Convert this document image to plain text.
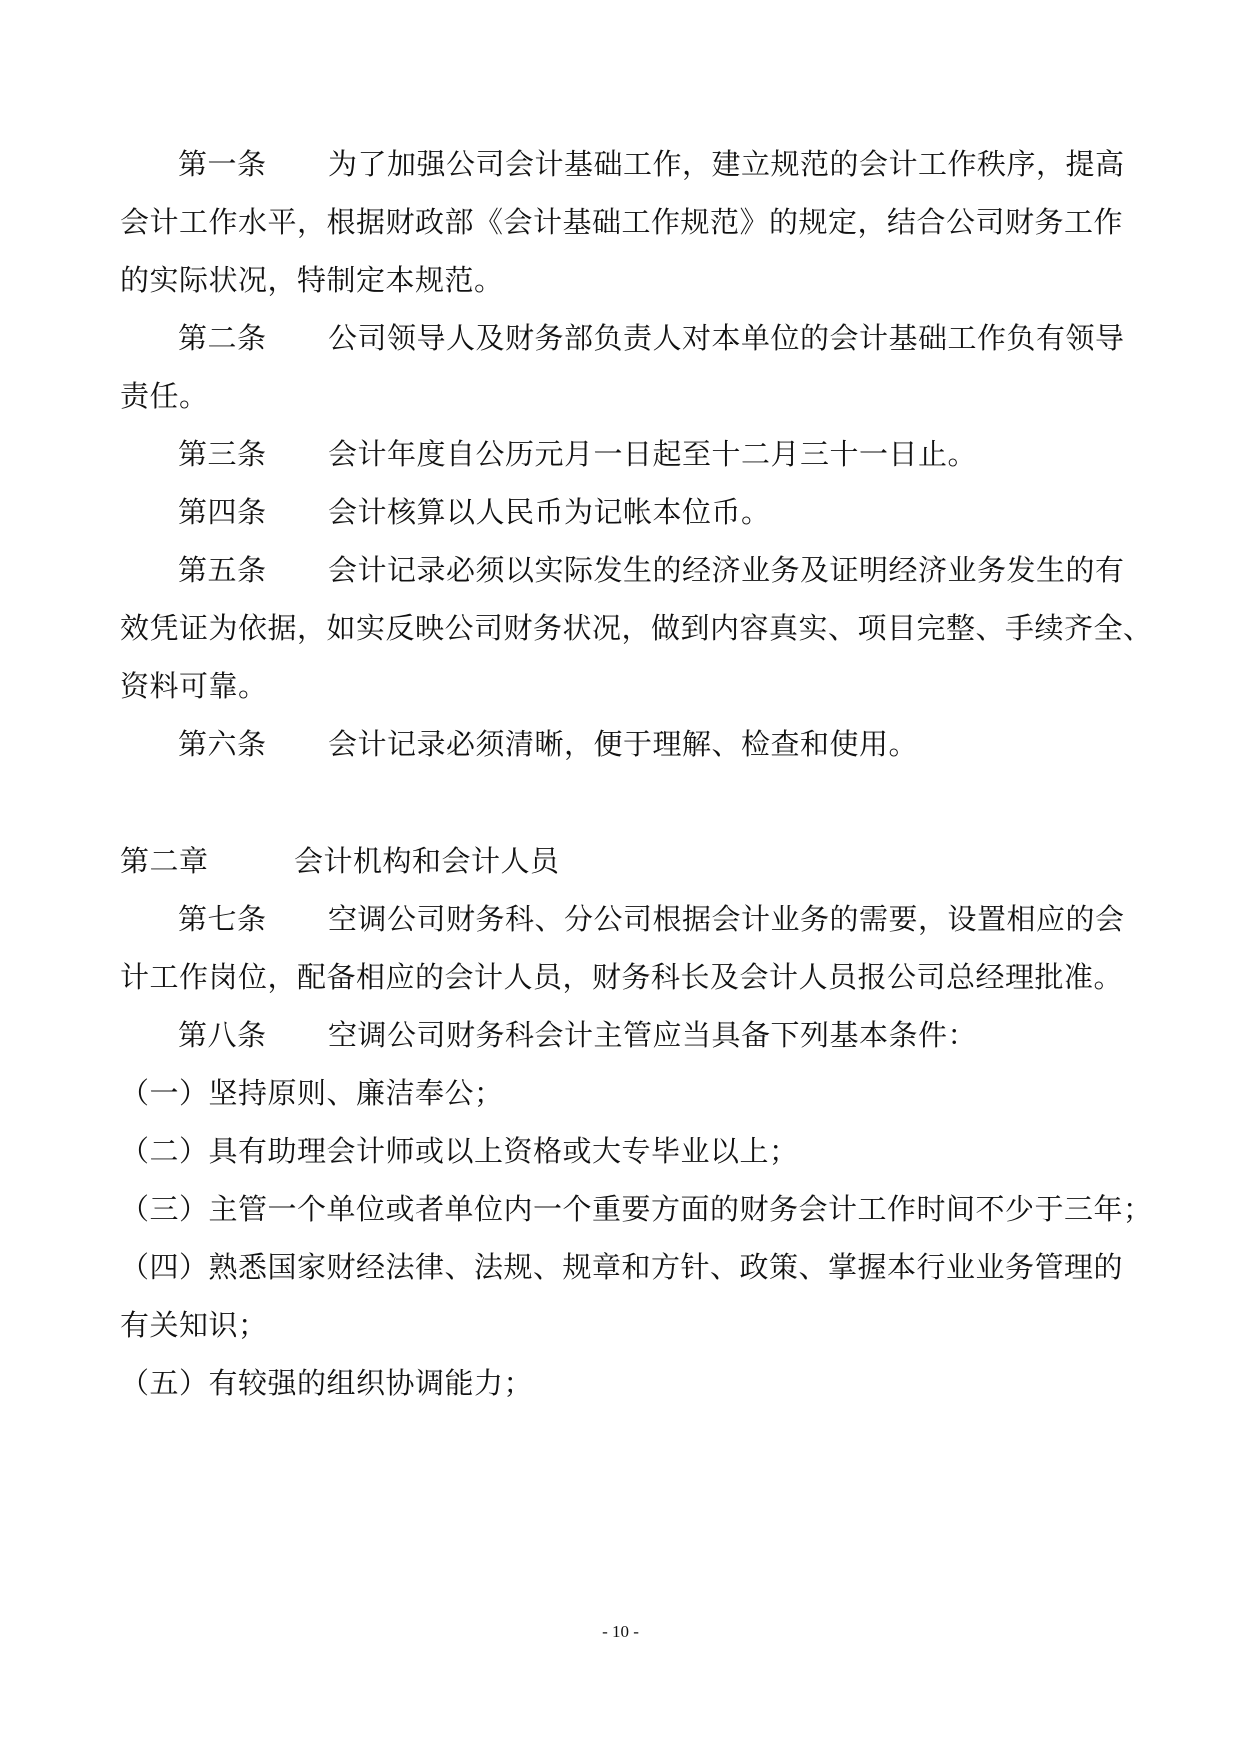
第一条 为了加强公司会计基础工作，建立规范的会计工作秩序，提高
会计工作水平，根据财政部《会计基础工作规范》的规定，结合公司财务工作
的实际状况，特制定本规范。
第二条 公司领导人及财务部负责人对本单位的会计基础工作负有领导
责任。
第三条 会计年度自公历元月一日起至十二月三十一日止。
第四条 会计核算以人民币为记帐本位币。
第五条 会计记录必须以实际发生的经济业务及证明经济业务发生的有
效凭证为依据，如实反映公司财务状况，做到内容真实、项目完整、手续齐全、
资料可靠。
第六条 会计记录必须清晰，便于理解、检查和使用。
第二章	会计机构和会计人员
第七条 空调公司财务科、分公司根据会计业务的需要，设置相应的会
计工作岗位，配备相应的会计人员，财务科长及会计人员报公司总经理批准。
第八条 空调公司财务科会计主管应当具备下列基本条件：
（一）坚持原则、廉洁奉公；
（二）具有助理会计师或以上资格或大专毕业以上；
（三）主管一个单位或者单位内一个重要方面的财务会计工作时间不少于三年；
（四）熟悉国家财经法律、法规、规章和方针、政策、掌握本行业业务管理的
有关知识；
（五）有较强的组织协调能力；
- 10 -
